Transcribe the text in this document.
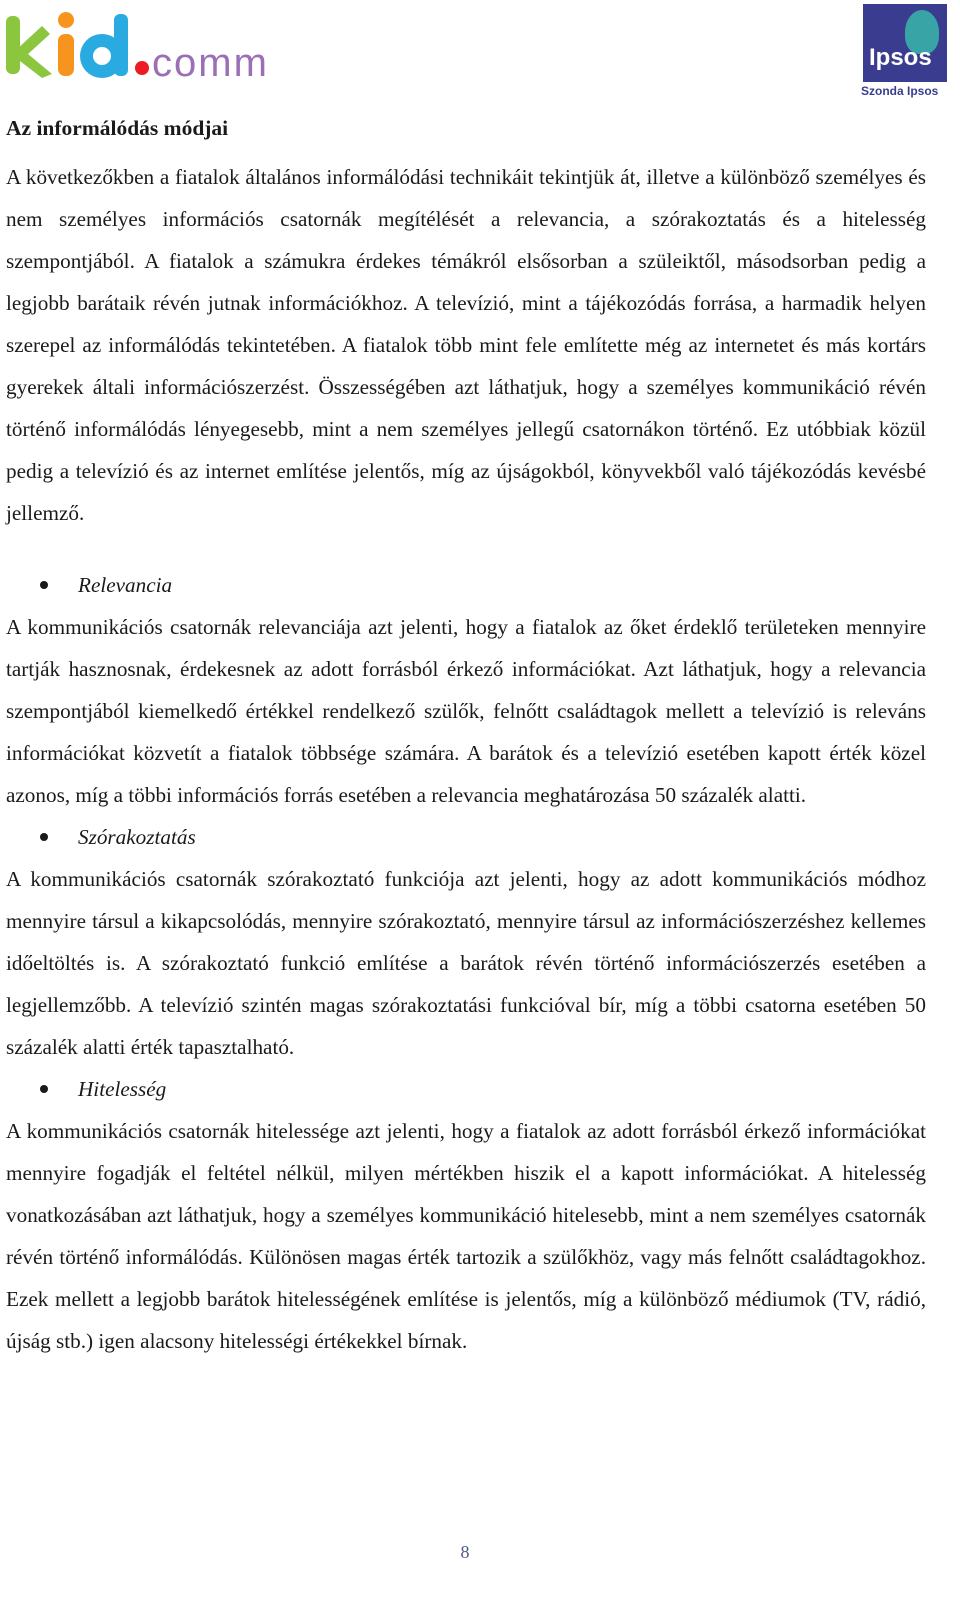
comm	Ipsos
Szonda Ipsos
Az informálódás módjai

A következőkben a fiatalok általános informálódási technikáit tekintjük át, illetve a különböző személyes és nem személyes információs csatornák megítélését a relevancia, a szórakoztatás és a hitelesség szempontjából. A fiatalok a számukra érdekes témákról elsősorban a szüleiktől, másodsorban pedig a legjobb barátaik révén jutnak információkhoz. A televízió, mint a tájékozódás forrása, a harmadik helyen szerepel az informálódás tekintetében. A fiatalok több mint fele említette még az internetet és más kortárs gyerekek általi információszerzést. Összességében azt láthatjuk, hogy a személyes kommunikáció révén történő informálódás lényegesebb, mint a nem személyes jellegű csatornákon történő. Ez utóbbiak közül pedig a televízió és az internet említése jelentős, míg az újságokból, könyvekből való tájékozódás kevésbé jellemző.

Relevancia

A kommunikációs csatornák relevanciája azt jelenti, hogy a fiatalok az őket érdeklő területeken mennyire tartják hasznosnak, érdekesnek az adott forrásból érkező információkat. Azt láthatjuk, hogy a relevancia szempontjából kiemelkedő értékkel rendelkező szülők, felnőtt családtagok mellett a televízió is releváns információkat közvetít a fiatalok többsége számára. A barátok és a televízió esetében kapott érték közel azonos, míg a többi információs forrás esetében a relevancia meghatározása 50 százalék alatti.

Szórakoztatás

A kommunikációs csatornák szórakoztató funkciója azt jelenti, hogy az adott kommunikációs módhoz mennyire társul a kikapcsolódás, mennyire szórakoztató, mennyire társul az információszerzéshez kellemes időeltöltés is. A szórakoztató funkció említése a barátok révén történő információszerzés esetében a legjellemzőbb. A televízió szintén magas szórakoztatási funkcióval bír, míg a többi csatorna esetében 50 százalék alatti érték tapasztalható.

Hitelesség

A kommunikációs csatornák hitelessége azt jelenti, hogy a fiatalok az adott forrásból érkező információkat mennyire fogadják el feltétel nélkül, milyen mértékben hiszik el a kapott információkat. A hitelesség vonatkozásában azt láthatjuk, hogy a személyes kommunikáció hitelesebb, mint a nem személyes csatornák révén történő informálódás. Különösen magas érték tartozik a szülőkhöz, vagy más felnőtt családtagokhoz. Ezek mellett a legjobb barátok hitelességének említése is jelentős, míg a különböző médiumok (TV, rádió, újság stb.) igen alacsony hitelességi értékekkel bírnak.

8
